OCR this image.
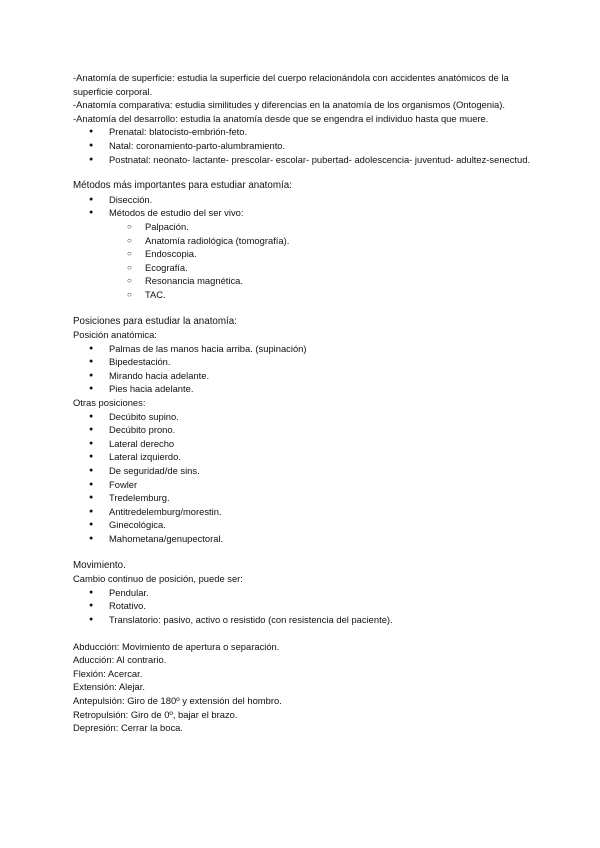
-Anatomía de superficie: estudia la superficie del cuerpo relacionándola con accidentes anatómicos de la superficie corporal.

-Anatomía comparativa: estudia similitudes y diferencias en la anatomía de los organismos (Ontogenia).

-Anatomía del desarrollo: estudia la anatomía desde que se engendra el individuo hasta que muere.

● Prenatal: blatocisto-embrión-feto.
● Natal: coronamiento-parto-alumbramiento.
● Postnatal: neonato- lactante- prescolar- escolar- pubertad- adolescencia- juventud- adultez-senectud.

Métodos más importantes para estudiar anatomía:

● Disección.
● Métodos de estudio del ser vivo:
○ Palpación.
○ Anatomía radiológica (tomografía).
○ Endoscopia.
○ Ecografía.
○ Resonancia magnética.
○ TAC.

Posiciones para estudiar la anatomía:

Posición anatómica:

● Palmas de las manos hacia arriba. (supinación)
● Bipedestación.
● Mirando hacia adelante.
● Pies hacia adelante.

Otras posiciones:

● Decúbito supino.
● Decúbito prono.
● Lateral derecho
● Lateral izquierdo.
● De seguridad/de sins.
● Fowler
● Tredelemburg.
● Antitredelemburg/morestin.
● Ginecológica.
● Mahometana/genupectoral.

Movimiento.

Cambio continuo de posición, puede ser:

● Pendular.
● Rotativo.
● Translatorio: pasivo, activo o resistido (con resistencia del paciente).

Abducción: Movimiento de apertura o separación.

Aducción: Al contrario.

Flexión: Acercar.

Extensión: Alejar.

Antepulsión: Giro de 180º y extensión del hombro.

Retropulsión: Giro de 0º, bajar el brazo.

Depresión: Cerrar la boca.
